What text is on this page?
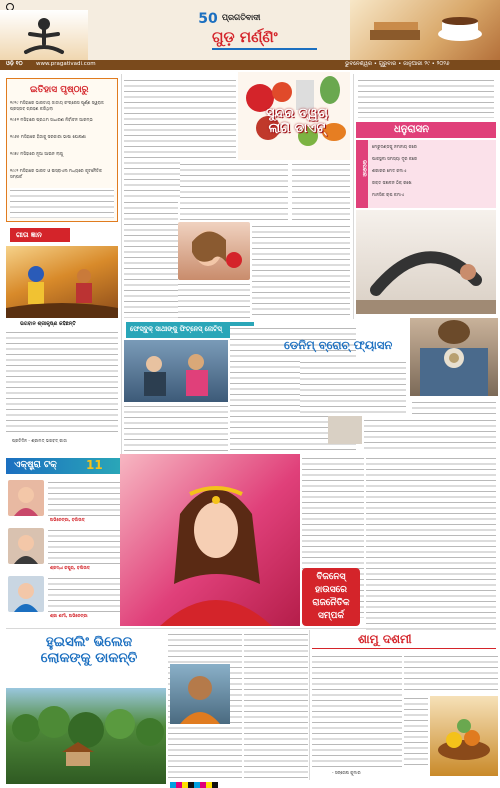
50 ପ୍ରଗତିବାଦୀ
ଗୁଡ଼ ମର୍ଣ୍ଣିଂ
ଓଡ଼ି ୧୦ www.pragativadi.com	ଭୁବନେଶ୍ୱର • ଗୁରୁବାର • ଜାନୁଆରୀ ୨୯ • ୨୦୨୬
ଇତିହାସ ପୃଷ୍ଠାରୁ
୧୯୨୯ ମସିହାରେ ଭାରତୀୟ ଜାତୀୟ କଂଗ୍ରେସ ପୂର୍ଣ୍ଣ ସ୍ୱରାଜ ପ୍ରସ୍ତାବ ଗ୍ରହଣ କରିଥିଲା
୧୯୫୧ ମସିହାରେ ପ୍ରଥମ ସାଧାରଣ ନିର୍ବାଚନ ଆରମ୍ଭ
୧୯୬୫ ମସିହାରେ ହିନ୍ଦୀକୁ ସରକାରୀ ଭାଷା ଘୋଷଣା
୧୯୭୯ ମସିହାରେ ନୂଆ ଆଇନ ଲାଗୁ
୧୯୯୨ ମସିହାରେ ଭାରତ ଓ ଇସ୍ରାଏଲ ମଧ୍ୟରେ କୂଟନୈତିକ ସମ୍ପର୍କ
ଗୀତା ଜ୍ଞାନ
ଭଗବାନ ଶ୍ରୀକୃଷ୍ଣ କହିଛନ୍ତି
ପ୍ରତିଦିନ - ଶ୍ରୀମଦ୍ ଭଗବଦ୍ ଗୀତା
ସୁନ୍ଦର ତ୍ୱଚା
ଲାଗି ଡାଏଟ୍	ଧନୁରାସନ
ଉପକାର
ମେରୁଦଣ୍ଡକୁ ନମନୀୟ କରେ
ପାକସ୍ଥଳୀ ସମସ୍ୟା ଦୂର କରେ
ଶରୀରର ମେଦ କମାଏ
ରକ୍ତ ସଞ୍ଚାଳନ ଠିକ୍ ରଖେ
ମାନସିକ ଚାପ କମାଏ
ଫେସ୍‌ବୁକ୍‌ ସାଥୀଙ୍କୁ ଫିଟ୍‌ନେସ୍‌ ନୋଟିସ୍‌
ଡେନିମ୍ ବ୍ରୋଚ୍ ଫ୍ୟାସନ
ଏକ୍‌ଷ୍ଟ୍ରା ଟକ୍‌ 11
ଅଭିନେତ୍ରୀ, ବଲିଉଡ୍
ଶ୍ରଦ୍ଧା କପୁର୍, ବଲିଉଡ୍
ଶ୍ରୀ ଶର୍ମା, ଅଭିନେତ୍ରୀ
ବିଜନେସ୍
ହାଉସରେ
ରାଜନୈତିକ
ସମ୍ପର୍କ
ହୁଇସଲିଂ ଭିଲେଜ
ଲୋକଙ୍କୁ ଡାକନ୍ତି
ଶାମୁ ଦଶମୀ
- ସନ୍ତୋଷ କୁମାର
